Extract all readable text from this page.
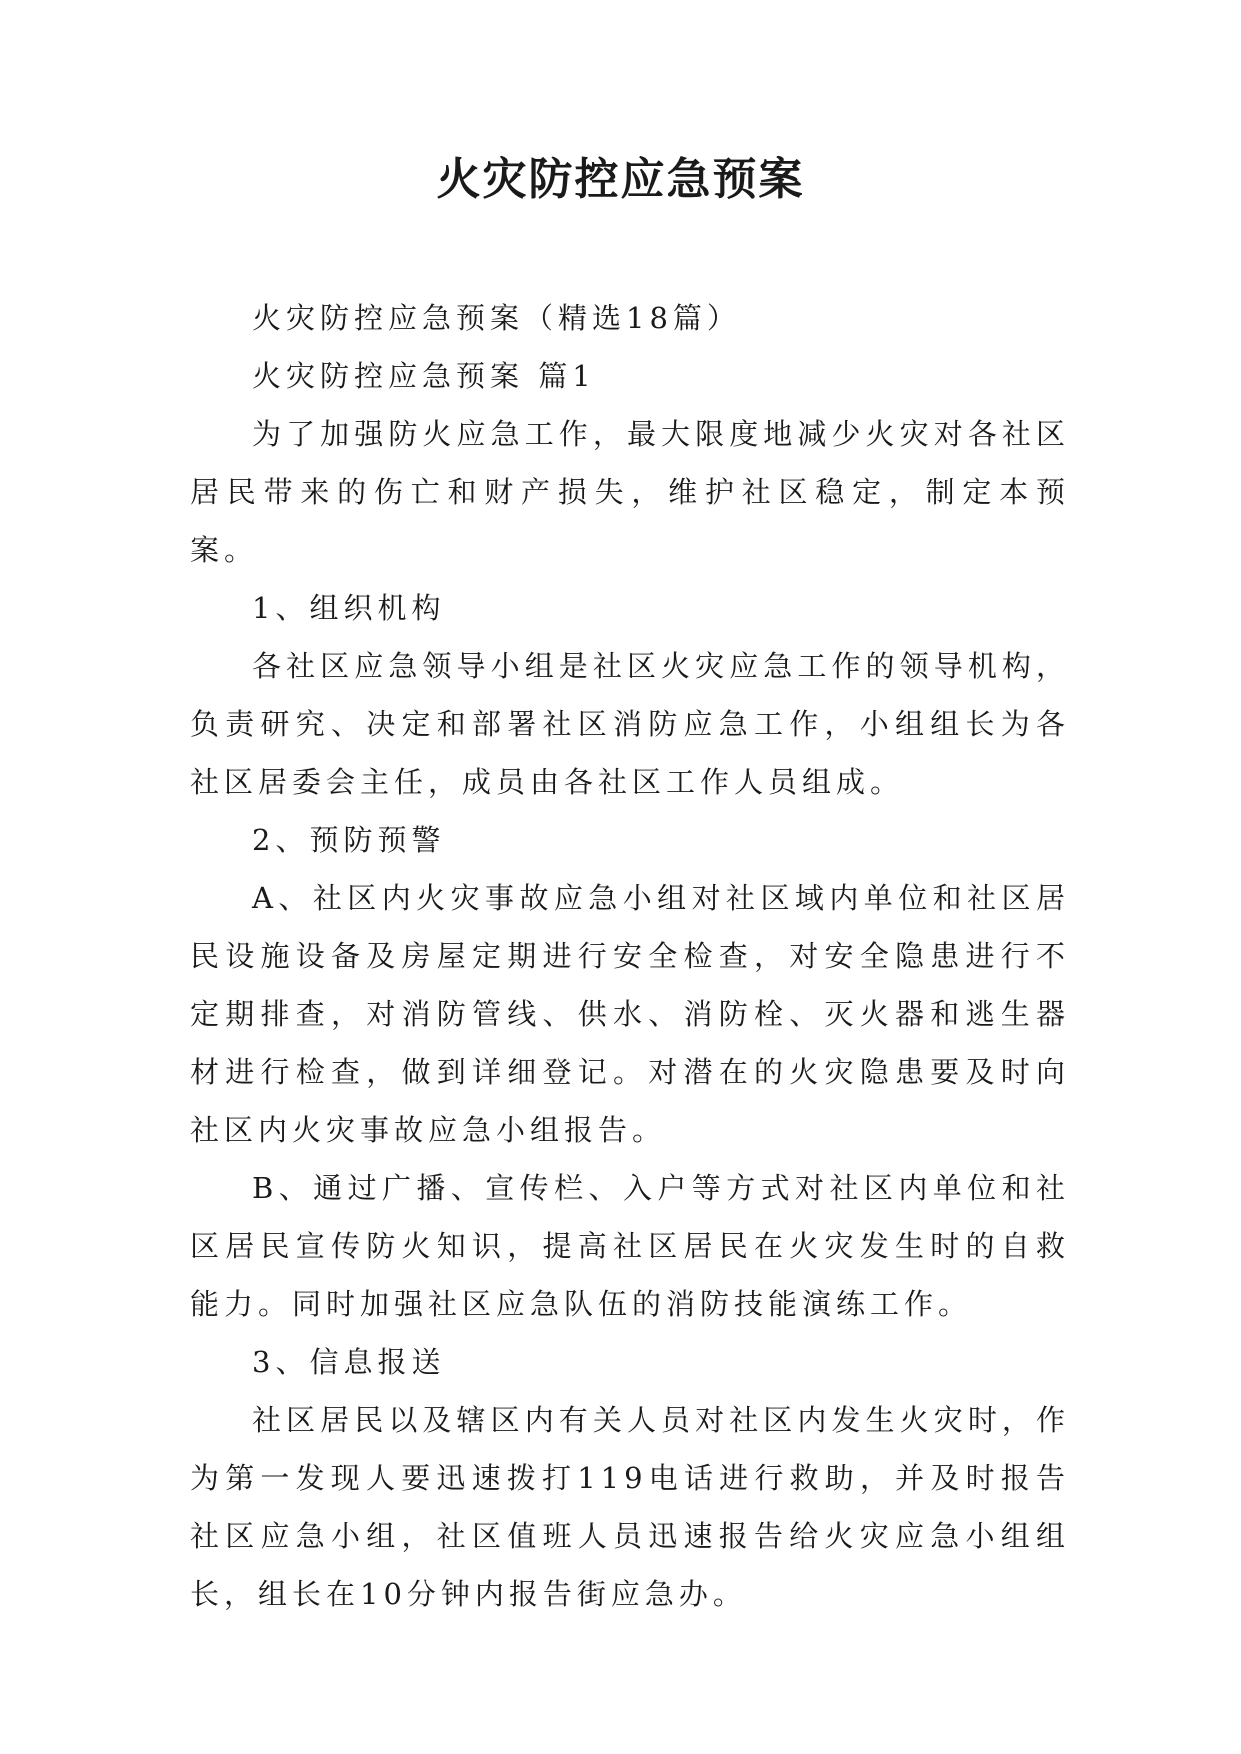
火灾防控应急预案

火灾防控应急预案（精选18篇）

火灾防控应急预案 篇1

为了加强防火应急工作，最大限度地减少火灾对各社区居民带来的伤亡和财产损失，维护社区稳定，制定本预案。

1、组织机构

各社区应急领导小组是社区火灾应急工作的领导机构，负责研究、决定和部署社区消防应急工作，小组组长为各社区居委会主任，成员由各社区工作人员组成。

2、预防预警

A、社区内火灾事故应急小组对社区域内单位和社区居民设施设备及房屋定期进行安全检查，对安全隐患进行不定期排查，对消防管线、供水、消防栓、灭火器和逃生器材进行检查，做到详细登记。对潜在的火灾隐患要及时向社区内火灾事故应急小组报告。

B、通过广播、宣传栏、入户等方式对社区内单位和社区居民宣传防火知识，提高社区居民在火灾发生时的自救能力。同时加强社区应急队伍的消防技能演练工作。

3、信息报送

社区居民以及辖区内有关人员对社区内发生火灾时，作为第一发现人要迅速拨打119电话进行救助，并及时报告社区应急小组，社区值班人员迅速报告给火灾应急小组组长，组长在10分钟内报告街应急办。
